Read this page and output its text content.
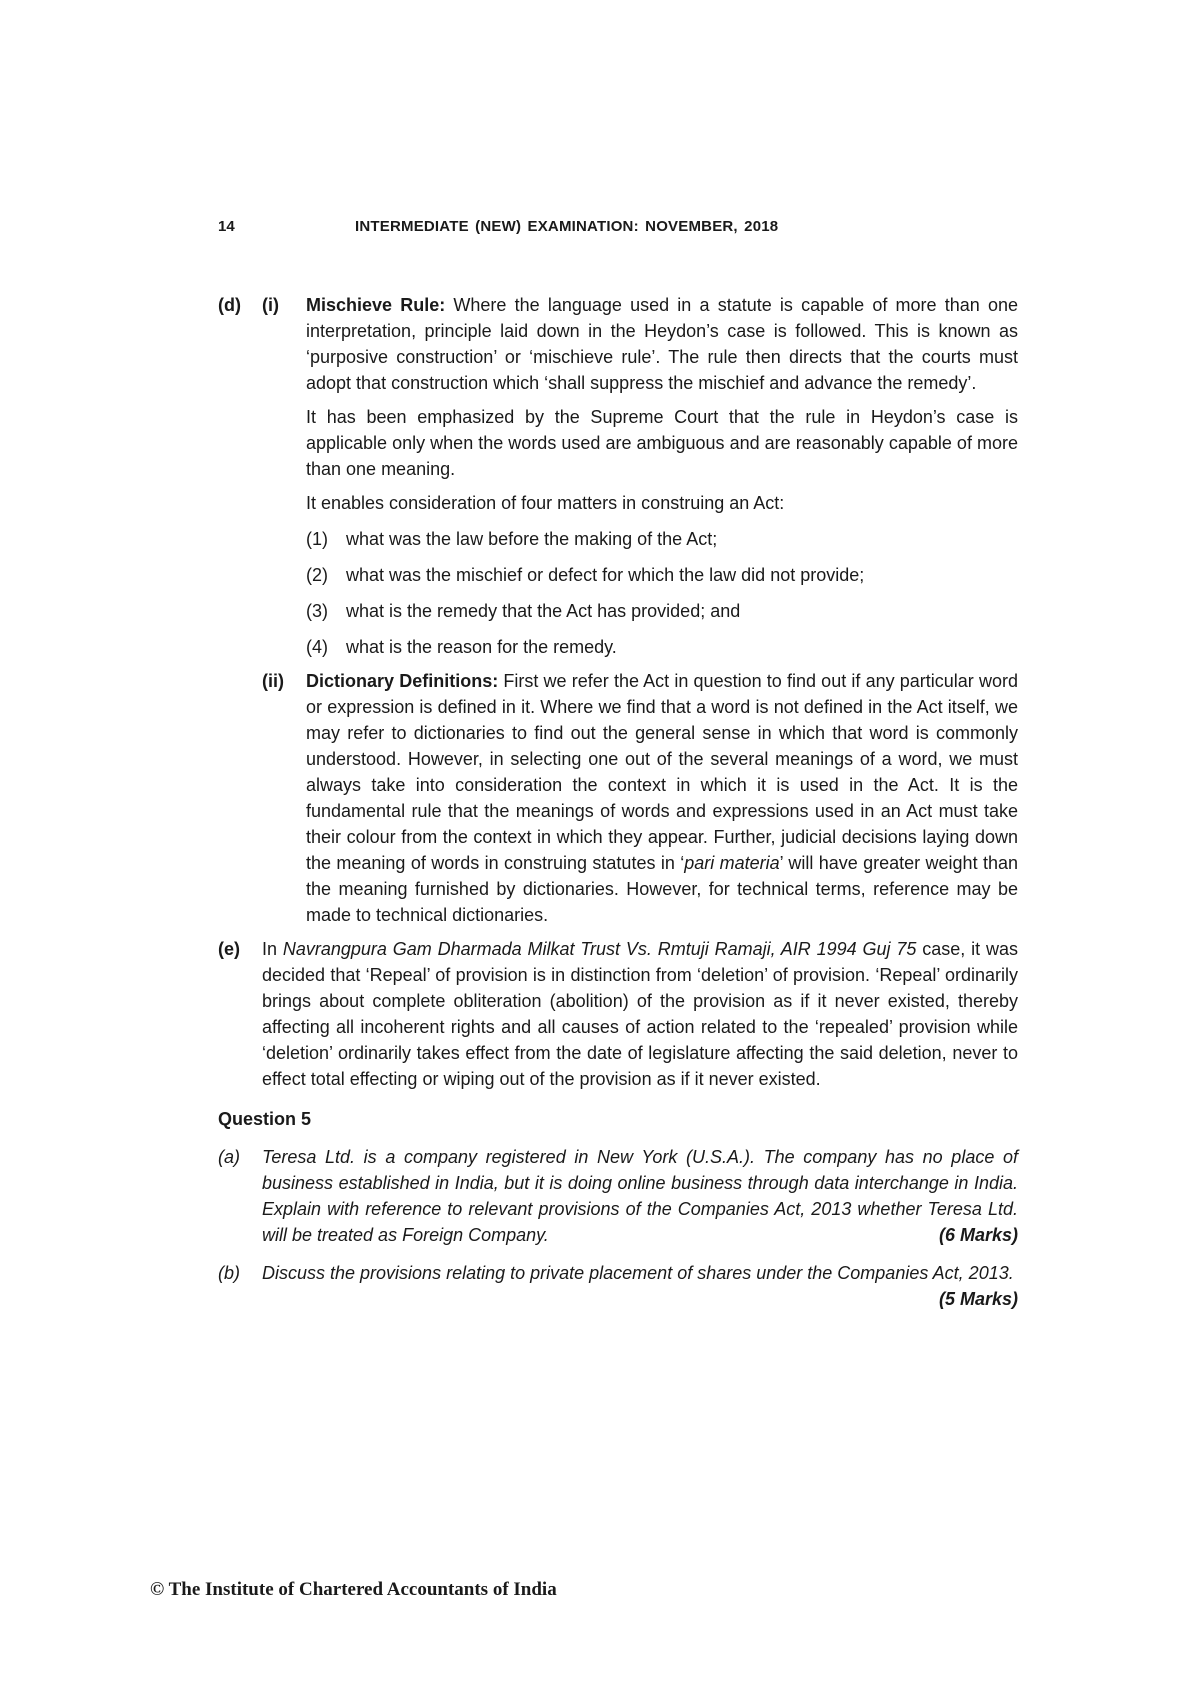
14	INTERMEDIATE (NEW) EXAMINATION: NOVEMBER, 2018
(d)	(i)	Mischieve Rule: Where the language used in a statute is capable of more than one interpretation, principle laid down in the Heydon’s case is followed. This is known as ‘purposive construction’ or ‘mischieve rule’. The rule then directs that the courts must adopt that construction which ‘shall suppress the mischief and advance the remedy’.
It has been emphasized by the Supreme Court that the rule in Heydon’s case is applicable only when the words used are ambiguous and are reasonably capable of more than one meaning.
It enables consideration of four matters in construing an Act:
(1)	what was the law before the making of the Act;
(2)	what was the mischief or defect for which the law did not provide;
(3)	what is the remedy that the Act has provided; and
(4)	what is the reason for the remedy.
(ii)	Dictionary Definitions: First we refer the Act in question to find out if any particular word or expression is defined in it. Where we find that a word is not defined in the Act itself, we may refer to dictionaries to find out the general sense in which that word is commonly understood. However, in selecting one out of the several meanings of a word, we must always take into consideration the context in which it is used in the Act. It is the fundamental rule that the meanings of words and expressions used in an Act must take their colour from the context in which they appear. Further, judicial decisions laying down the meaning of words in construing statutes in ‘pari materia’ will have greater weight than the meaning furnished by dictionaries. However, for technical terms, reference may be made to technical dictionaries.
(e)	In Navrangpura Gam Dharmada Milkat Trust Vs. Rmtuji Ramaji, AIR 1994 Guj 75 case, it was decided that ‘Repeal’ of provision is in distinction from ‘deletion’ of provision. ‘Repeal’ ordinarily brings about complete obliteration (abolition) of the provision as if it never existed, thereby affecting all incoherent rights and all causes of action related to the ‘repealed’ provision while ‘deletion’ ordinarily takes effect from the date of legislature affecting the said deletion, never to effect total effecting or wiping out of the provision as if it never existed.
Question 5
(a)	Teresa Ltd. is a company registered in New York (U.S.A.). The company has no place of business established in India, but it is doing online business through data interchange in India. Explain with reference to relevant provisions of the Companies Act, 2013 whether Teresa Ltd. will be treated as Foreign Company.	(6 Marks)
(b)	Discuss the provisions relating to private placement of shares under the Companies Act, 2013.
(5 Marks)
© The Institute of Chartered Accountants of India
